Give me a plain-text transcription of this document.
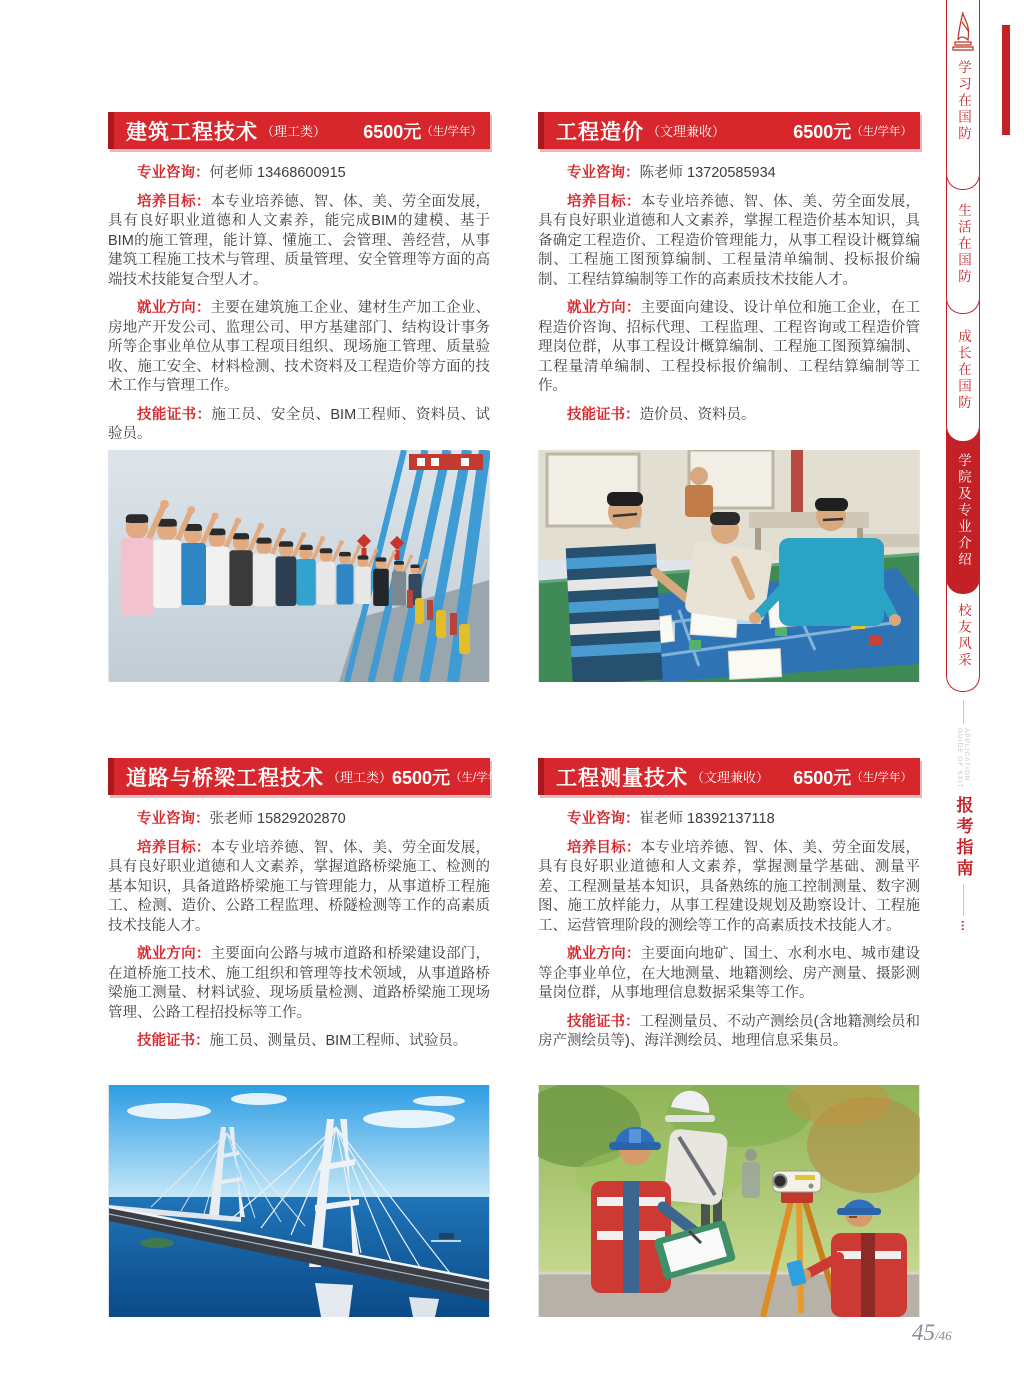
建筑工程技术 （理工类） 6500元 （生/学年）

专业咨询：何老师 13468600915

培养目标：本专业培养德、智、体、美、劳全面发展，具有良好职业道德和人文素养，能完成BIM的建模、基于BIM的施工管理，能计算、懂施工、会管理、善经营，从事建筑工程施工技术与管理、质量管理、安全管理等方面的高端技术技能复合型人才。

就业方向：主要在建筑施工企业、建材生产加工企业、房地产开发公司、监理公司、甲方基建部门、结构设计事务所等企事业单位从事工程项目组织、现场施工管理、质量验收、施工安全、材料检测、技术资料及工程造价等方面的技术工作与管理工作。

技能证书：施工员、安全员、BIM工程师、资料员、试验员。

工程造价 （文理兼收）	6500元 （生/学年）

专业咨询：陈老师 13720585934

培养目标：本专业培养德、智、体、美、劳全面发展，具有良好职业道德和人文素养，掌握工程造价基本知识，具备确定工程造价、工程造价管理能力，从事工程设计概算编制、工程施工图预算编制、工程量清单编制、投标报价编制、工程结算编制等工作的高素质技术技能人才。

就业方向：主要面向建设、设计单位和施工企业，在工程造价咨询、招标代理、工程监理、工程咨询或工程造价管理岗位群，从事工程设计概算编制、工程施工图预算编制、工程量清单编制、工程投标报价编制、工程结算编制等工作。

技能证书：造价员、资料员。

道路与桥梁工程技术 （理工类） 6500元 （生/学年）

专业咨询：张老师 15829202870

培养目标：本专业培养德、智、体、美、劳全面发展，具有良好职业道德和人文素养，掌握道路桥梁施工、检测的基本知识，具备道路桥梁施工与管理能力，从事道桥工程施工、检测、造价、公路工程监理、桥隧检测等工作的高素质技术技能人才。

就业方向：主要面向公路与城市道路和桥梁建设部门，在道桥施工技术、施工组织和管理等技术领域，从事道路桥梁施工测量、材料试验、现场质量检测、道路桥梁施工现场管理、公路工程招投标等工作。

技能证书：施工员、测量员、BIM工程师、试验员。

工程测量技术 （文理兼收） 6500元 （生/学年）

专业咨询：崔老师 18392137118

培养目标：本专业培养德、智、体、美、劳全面发展，具有良好职业道德和人文素养，掌握测量学基础、测量平差、工程测量基本知识，具备熟练的施工控制测量、数字测图、施工放样能力，从事工程建设规划及勘察设计、工程施工、运营管理阶段的测绘等工作的高素质技术技能人才。

就业方向：主要面向地矿、国土、水利水电、城市建设等企事业单位，在大地测量、地籍测绘、房产测量、摄影测量岗位群，从事地理信息数据采集等工作。

技能证书：工程测量员、不动产测绘员(含地籍测绘员和房产测绘员等)、海洋测绘员、地理信息采集员。

学习在国防
生活在国防
成长在国防
学院及专业介绍
校友风采
APPLICATION GUIDE OF SXIT
报考指南
⋯
45/46
